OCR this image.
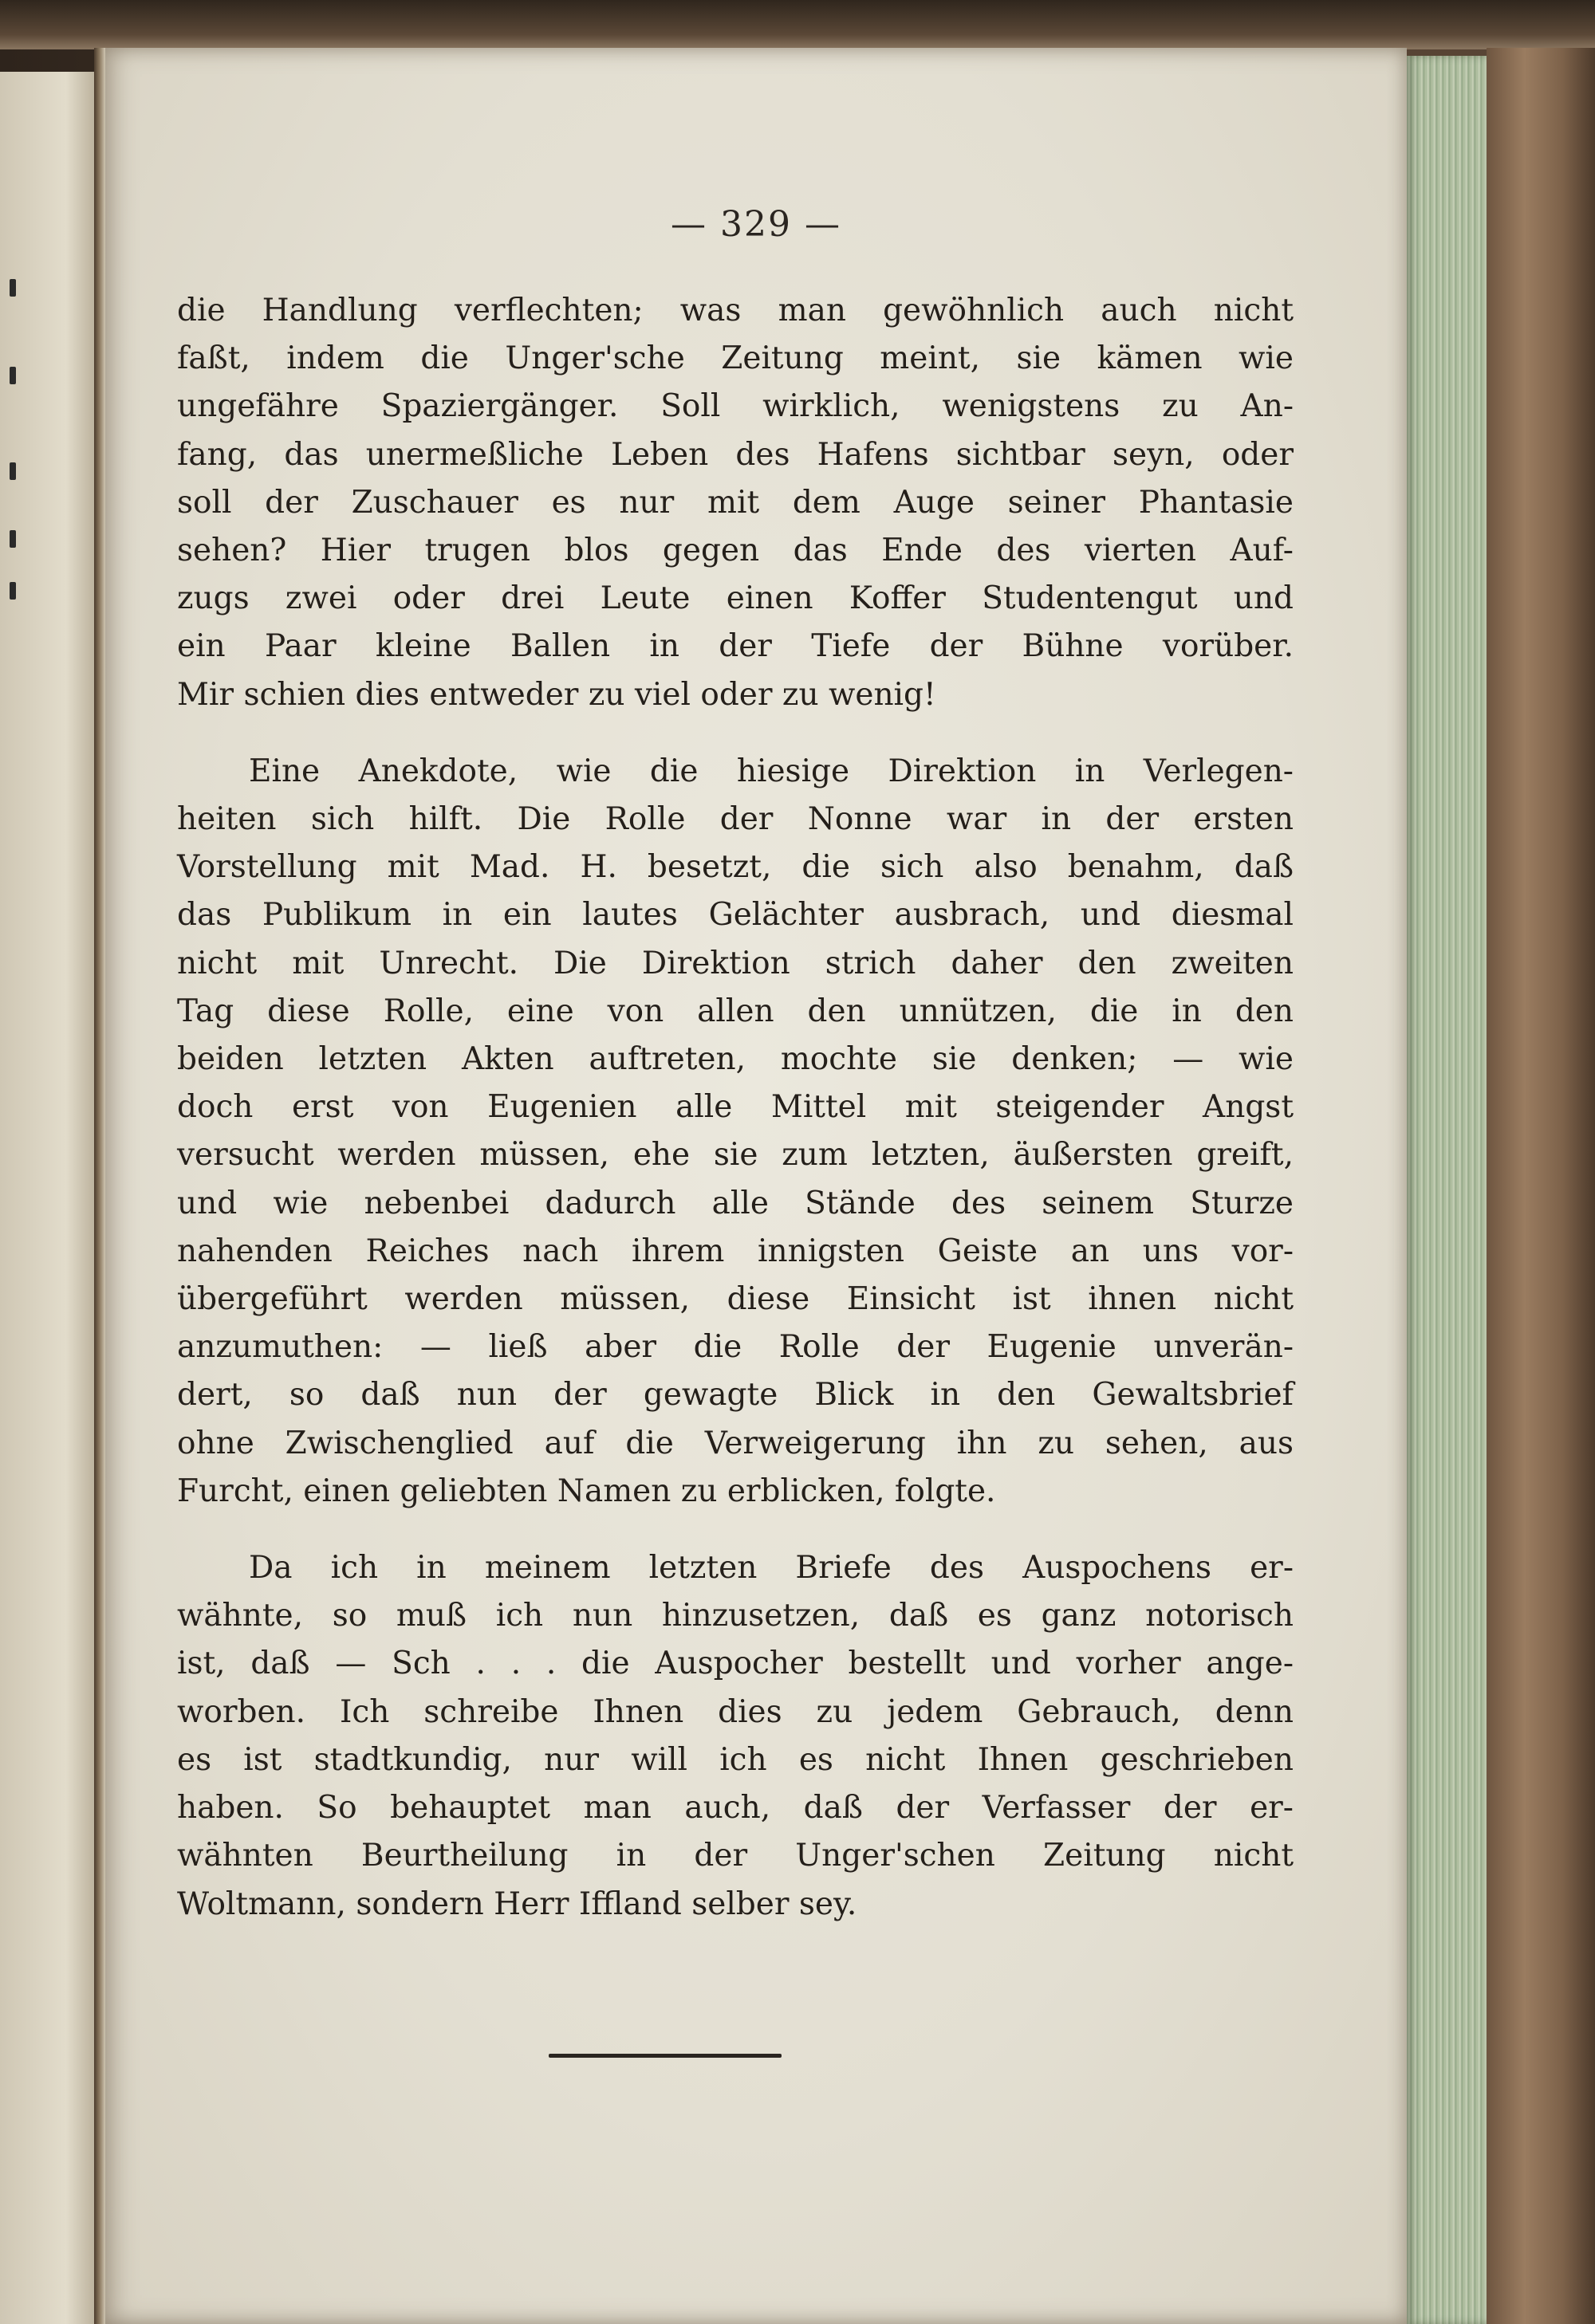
— 329 —

die Handlung verflechten; was man gewöhnlich auch nicht
faßt, indem die Unger'sche Zeitung meint, sie kämen wie
ungefähre Spaziergänger. Soll wirklich, wenigstens zu An-
fang, das unermeßliche Leben des Hafens sichtbar seyn, oder
soll der Zuschauer es nur mit dem Auge seiner Phantasie
sehen? Hier trugen blos gegen das Ende des vierten Auf-
zugs zwei oder drei Leute einen Koffer Studentengut und
ein Paar kleine Ballen in der Tiefe der Bühne vorüber.
Mir schien dies entweder zu viel oder zu wenig!

Eine Anekdote, wie die hiesige Direktion in Verlegen-
heiten sich hilft. Die Rolle der Nonne war in der ersten
Vorstellung mit Mad. H. besetzt, die sich also benahm, daß
das Publikum in ein lautes Gelächter ausbrach, und diesmal
nicht mit Unrecht. Die Direktion strich daher den zweiten
Tag diese Rolle, eine von allen den unnützen, die in den
beiden letzten Akten auftreten, mochte sie denken; — wie
doch erst von Eugenien alle Mittel mit steigender Angst
versucht werden müssen, ehe sie zum letzten, äußersten greift,
und wie nebenbei dadurch alle Stände des seinem Sturze
nahenden Reiches nach ihrem innigsten Geiste an uns vor-
übergeführt werden müssen, diese Einsicht ist ihnen nicht
anzumuthen: — ließ aber die Rolle der Eugenie unverän-
dert, so daß nun der gewagte Blick in den Gewaltsbrief
ohne Zwischenglied auf die Verweigerung ihn zu sehen, aus
Furcht, einen geliebten Namen zu erblicken, folgte.

Da ich in meinem letzten Briefe des Auspochens er-
wähnte, so muß ich nun hinzusetzen, daß es ganz notorisch
ist, daß — Sch . . . die Auspocher bestellt und vorher ange-
worben. Ich schreibe Ihnen dies zu jedem Gebrauch, denn
es ist stadtkundig, nur will ich es nicht Ihnen geschrieben
haben. So behauptet man auch, daß der Verfasser der er-
wähnten Beurtheilung in der Unger'schen Zeitung nicht
Woltmann, sondern Herr Iffland selber sey.
